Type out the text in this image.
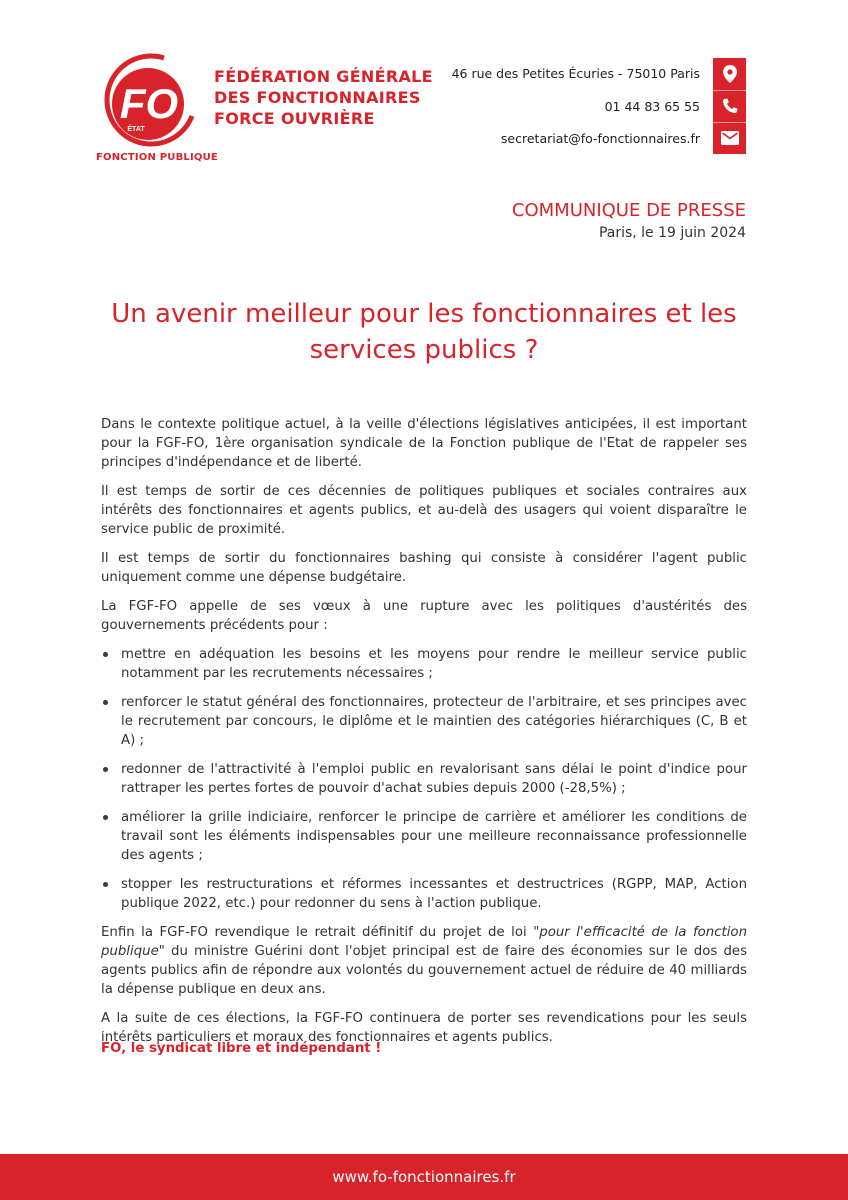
FO
ÉTAT
FONCTION PUBLIQUE
FÉDÉRATION GÉNÉRALE
DES FONCTIONNAIRES
FORCE OUVRIÈRE
46 rue des Petites Écuries - 75010 Paris
01 44 83 65 55
secretariat@fo-fonctionnaires.fr
COMMUNIQUE DE PRESSE
Paris, le 19 juin 2024
Un avenir meilleur pour les fonctionnaires et les
services publics ?

Dans le contexte politique actuel, à la veille d'élections législatives anticipées, il est important pour la FGF-FO, 1ère organisation syndicale de la Fonction publique de l'Etat de rappeler ses principes d'indépendance et de liberté.

Il est temps de sortir de ces décennies de politiques publiques et sociales contraires aux intérêts des fonctionnaires et agents publics, et au-delà des usagers qui voient disparaître le service public de proximité.

Il est temps de sortir du fonctionnaires bashing qui consiste à considérer l'agent public uniquement comme une dépense budgétaire.

La FGF-FO appelle de ses vœux à une rupture avec les politiques d'austérités des gouvernements précédents pour :

mettre en adéquation les besoins et les moyens pour rendre le meilleur service public notamment par les recrutements nécessaires ;
renforcer le statut général des fonctionnaires, protecteur de l'arbitraire, et ses principes avec le recrutement par concours, le diplôme et le maintien des catégories hiérarchiques (C, B et A) ;
redonner de l'attractivité à l'emploi public en revalorisant sans délai le point d'indice pour rattraper les pertes fortes de pouvoir d'achat subies depuis 2000 (-28,5%) ;
améliorer la grille indiciaire, renforcer le principe de carrière et améliorer les conditions de travail sont les éléments indispensables pour une meilleure reconnaissance professionnelle des agents ;
stopper les restructurations et réformes incessantes et destructrices (RGPP, MAP, Action publique 2022, etc.) pour redonner du sens à l'action publique.

Enfin la FGF-FO revendique le retrait définitif du projet de loi "pour l'efficacité de la fonction publique" du ministre Guérini dont l'objet principal est de faire des économies sur le dos des agents publics afin de répondre aux volontés du gouvernement actuel de réduire de 40 milliards la dépense publique en deux ans.

A la suite de ces élections, la FGF-FO continuera de porter ses revendications pour les seuls intérêts particuliers et moraux des fonctionnaires et agents publics.

FO, le syndicat libre et indépendant !
www.fo-fonctionnaires.fr
